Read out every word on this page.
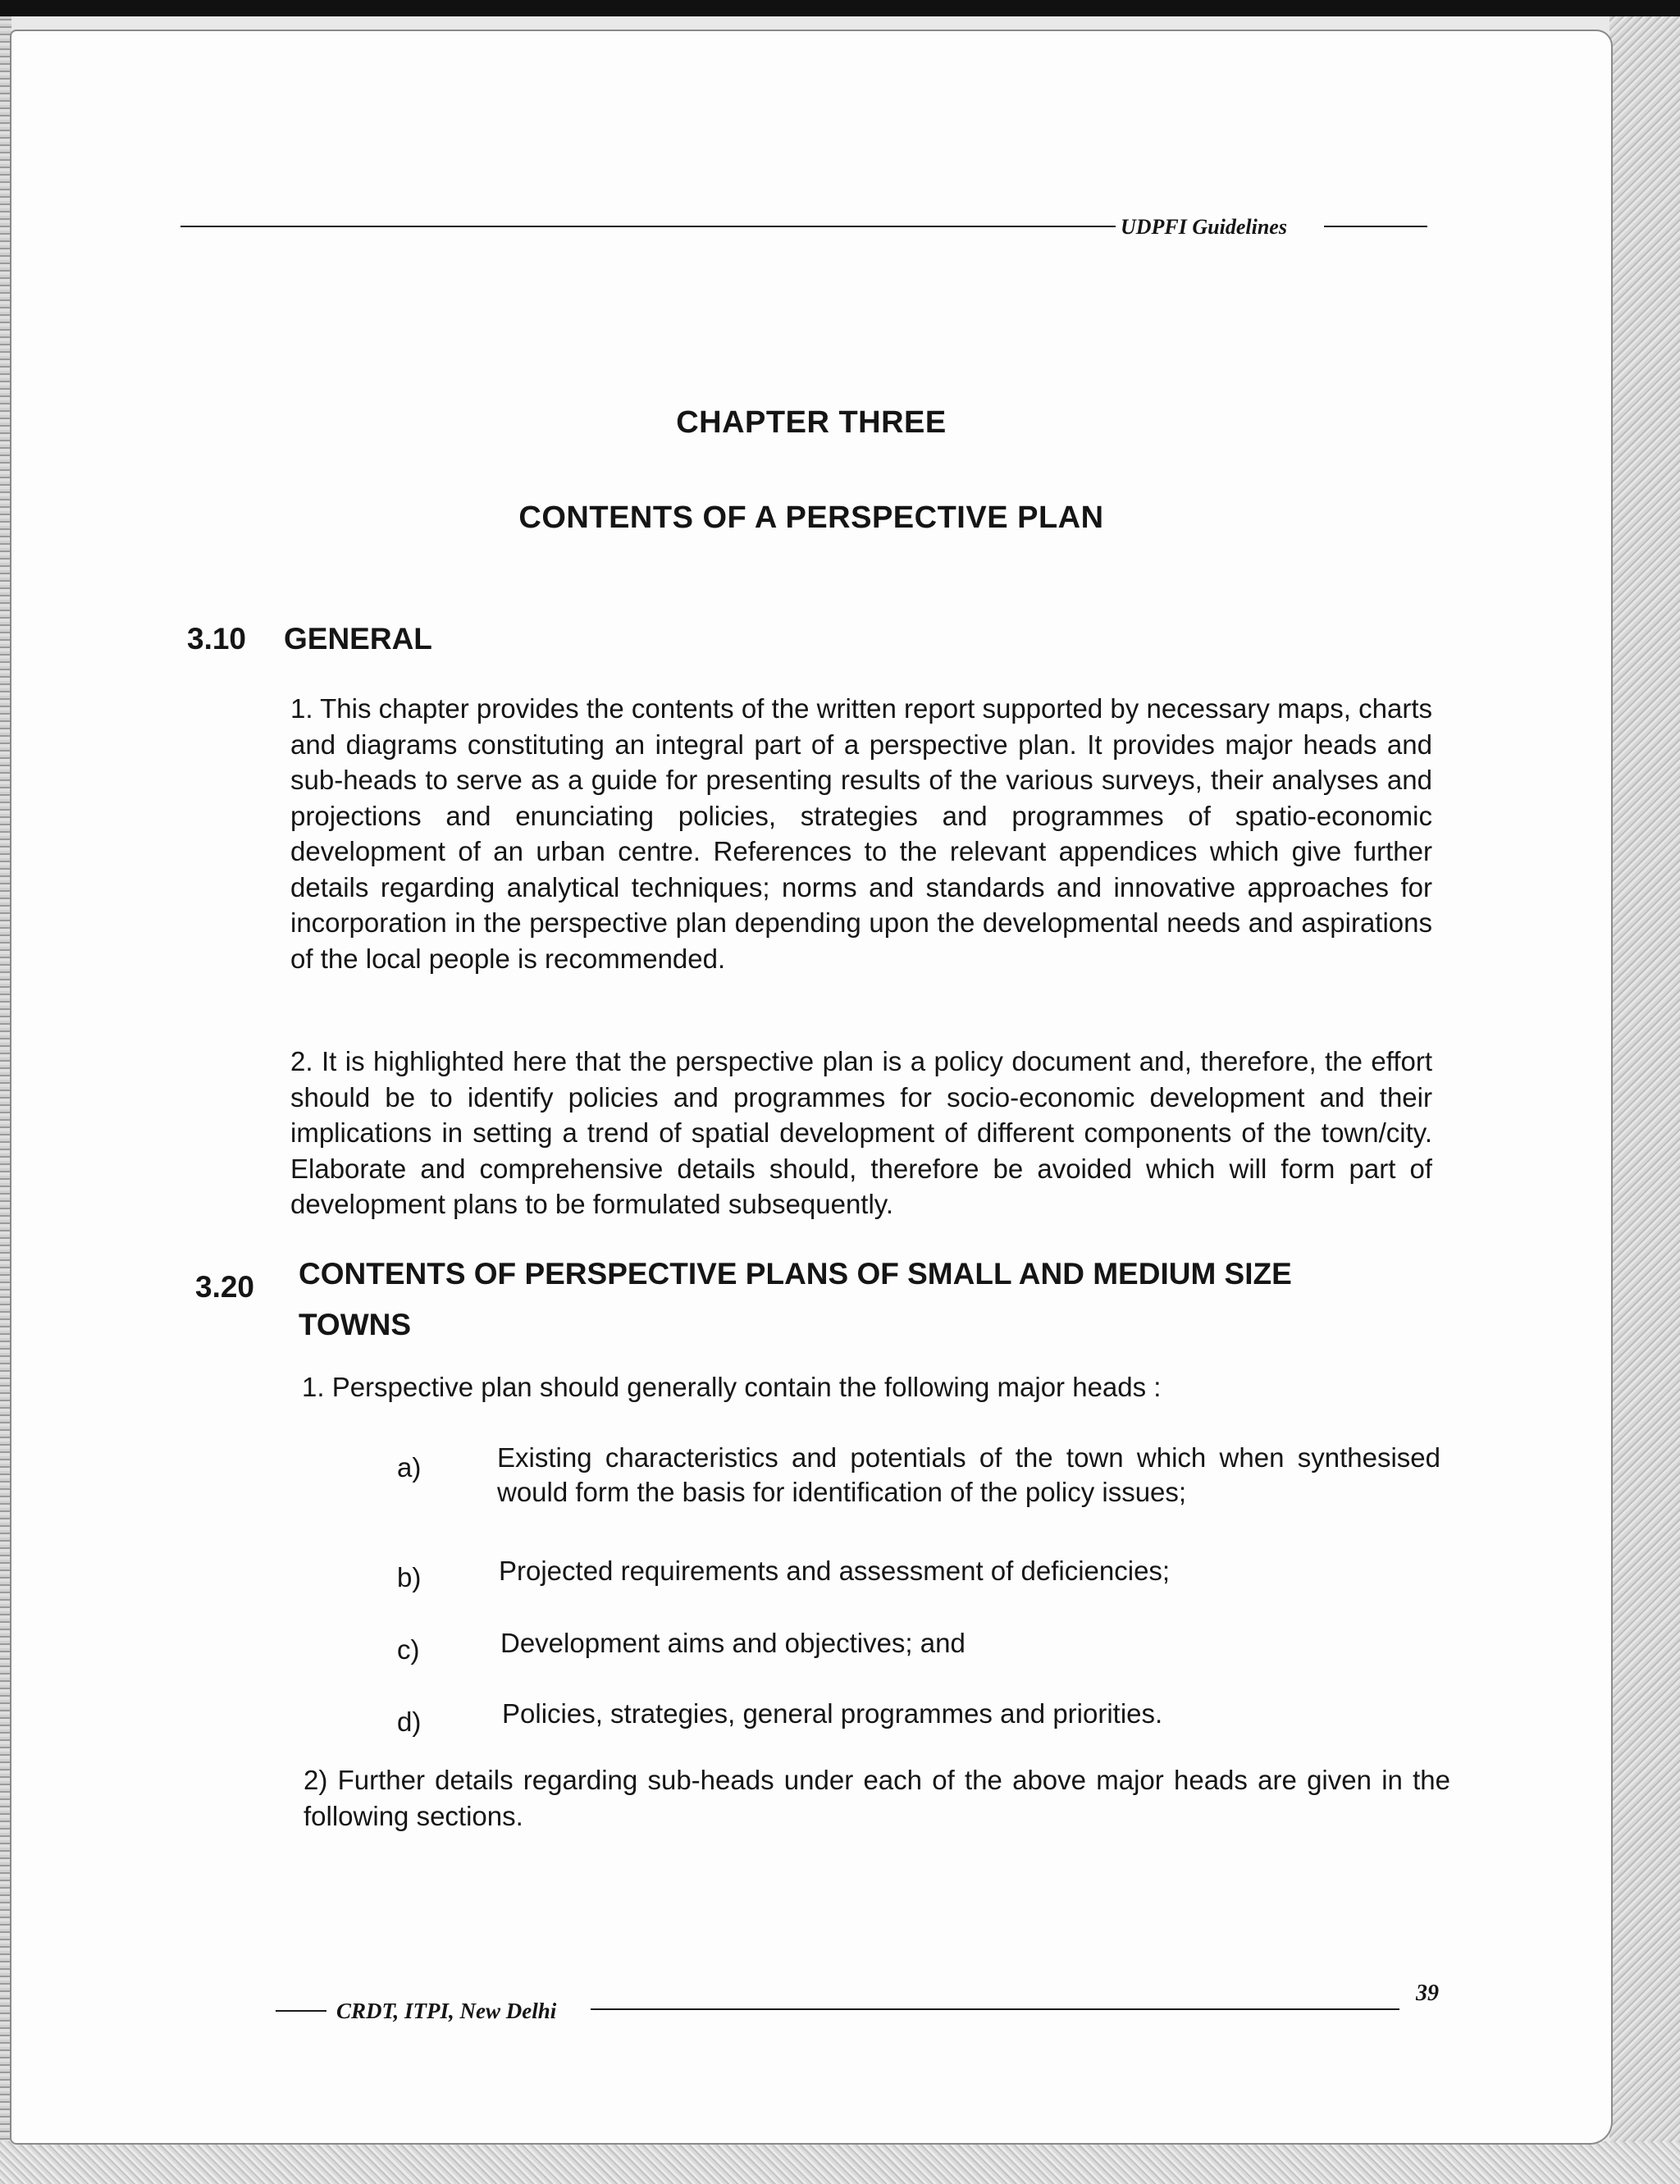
UDPFI Guidelines
CHAPTER THREE
CONTENTS OF A PERSPECTIVE PLAN
3.10 GENERAL
1. This chapter provides the contents of the written report supported by necessary maps, charts and diagrams constituting an integral part of a perspective plan. It provides major heads and sub-heads to serve as a guide for presenting results of the various surveys, their analyses and projections and enunciating policies, strategies and programmes of spatio-economic development of an urban centre. References to the relevant appendices which give further details regarding analytical techniques; norms and standards and innovative approaches for incorporation in the perspective plan depending upon the developmental needs and aspirations of the local people is recommended.
2. It is highlighted here that the perspective plan is a policy document and, therefore, the effort should be to identify policies and programmes for socio-economic development and their implications in setting a trend of spatial development of different components of the town/city. Elaborate and comprehensive details should, therefore be avoided which will form part of development plans to be formulated subsequently.
3.20 CONTENTS OF PERSPECTIVE PLANS OF SMALL AND MEDIUM SIZE
TOWNS
1. Perspective plan should generally contain the following major heads :
a)	Existing characteristics and potentials of the town which when synthesised would form the basis for identification of the policy issues;
b)	Projected requirements and assessment of deficiencies;
c)	Development aims and objectives; and
d)	Policies, strategies, general programmes and priorities.
2) Further details regarding sub-heads under each of the above major heads are given in the following sections.
CRDT, ITPI, New Delhi
39
